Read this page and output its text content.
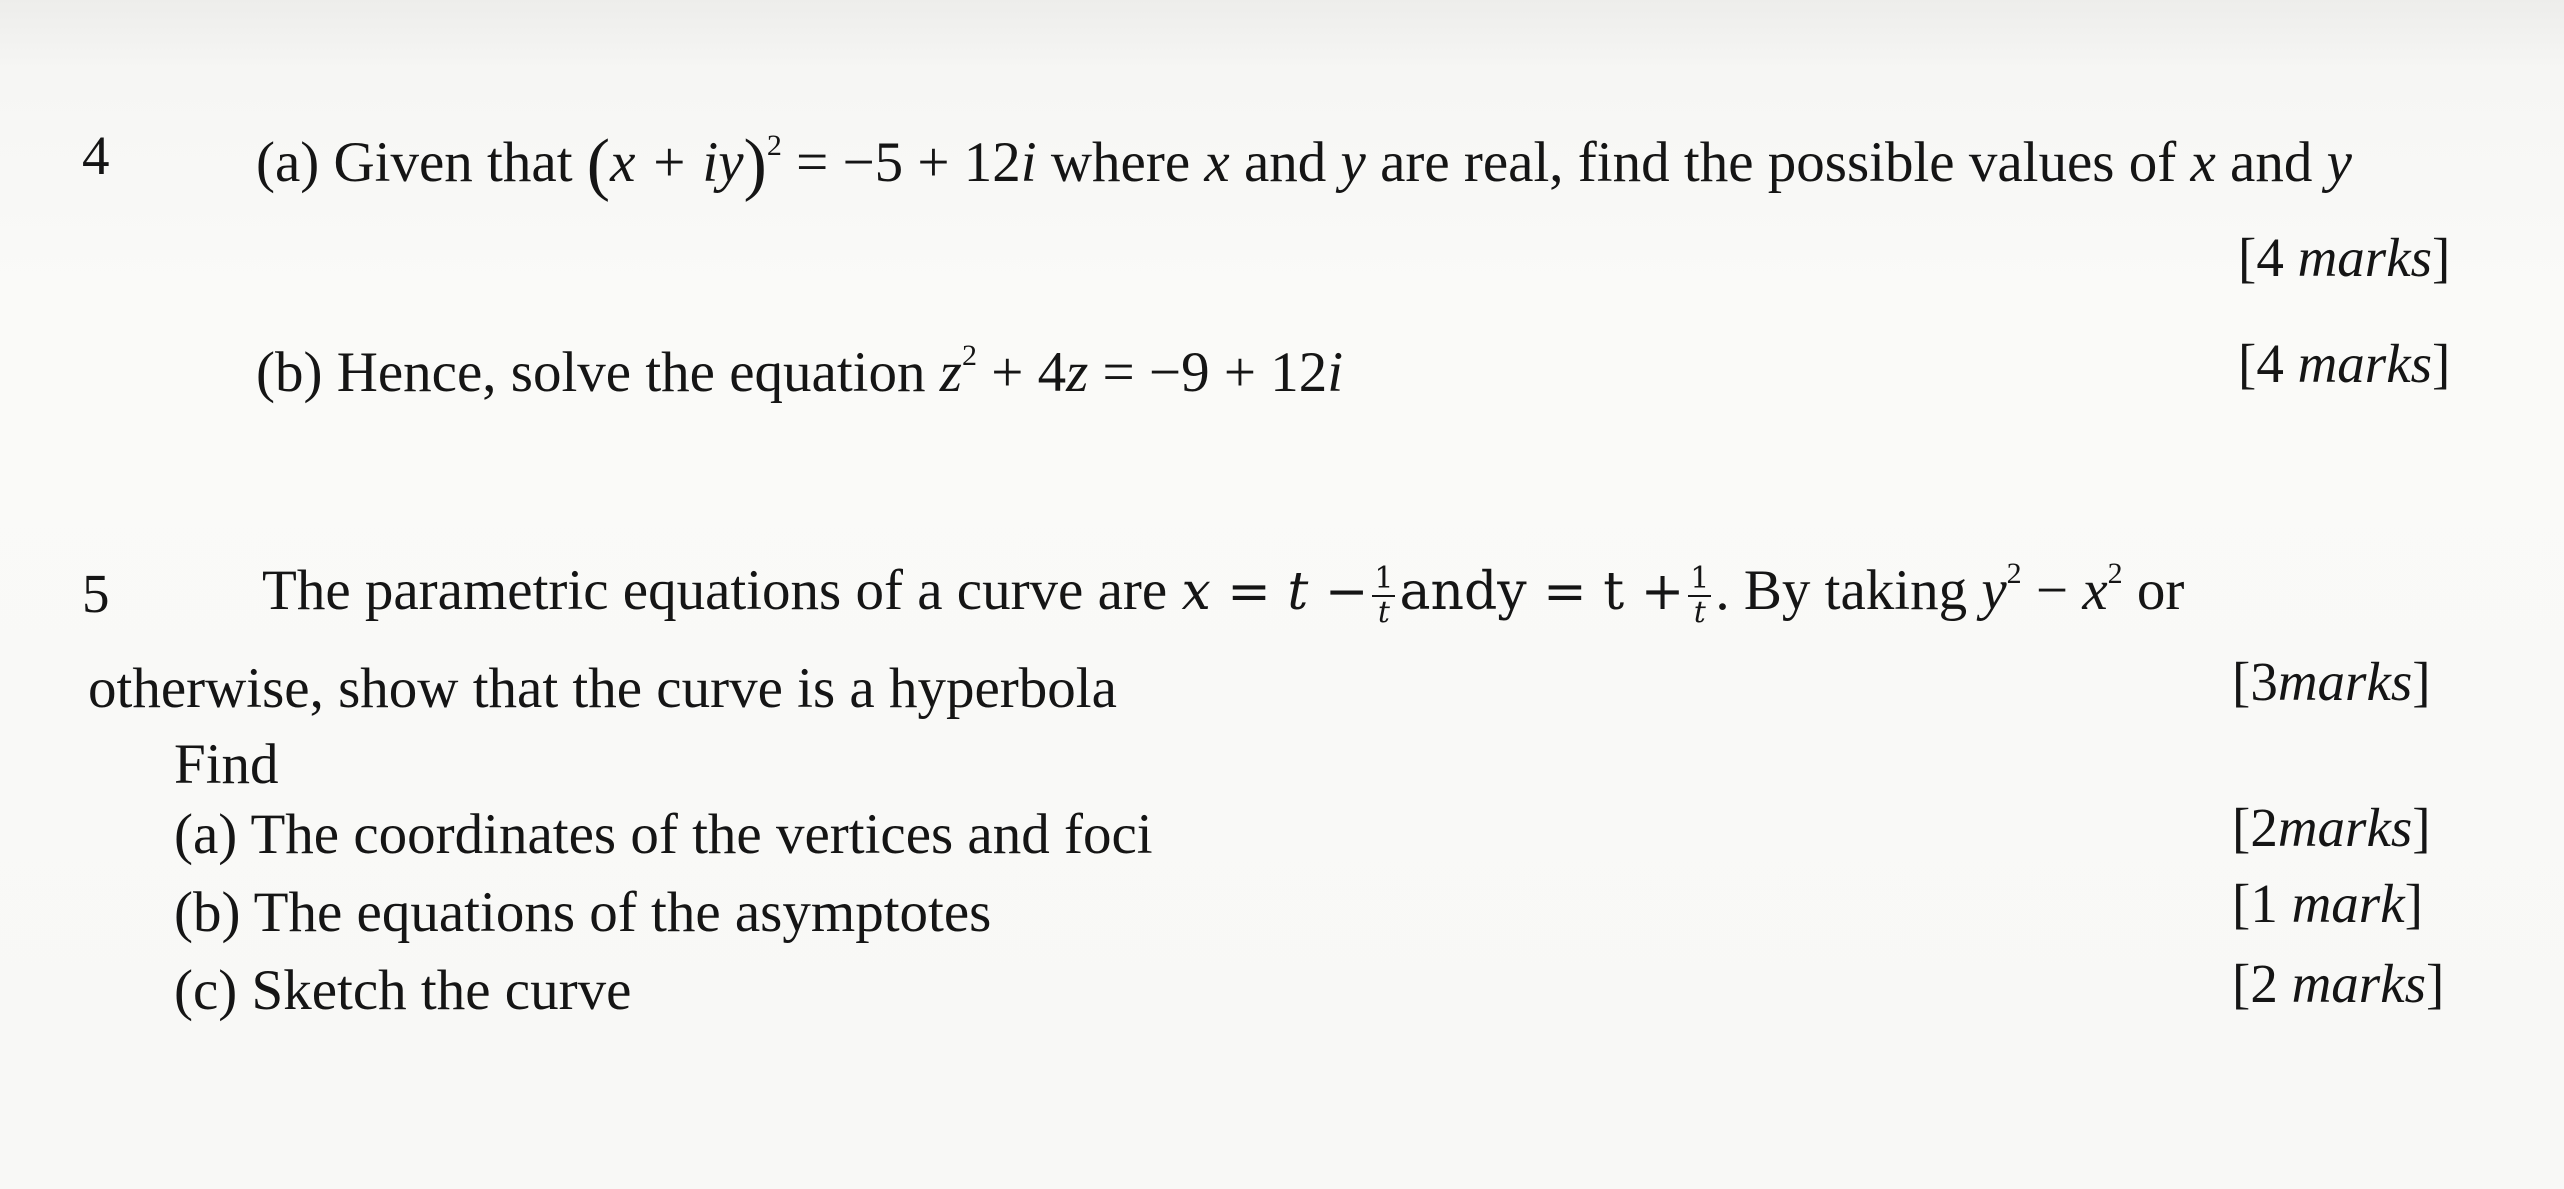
4	(a) Given that (x + iy)$^2$ = −5 + 12i where x and y are real, find the possible values of x and y
[4 marks]
(b) Hence, solve the equation $z^2 + 4z = -9 + 12i$	[4 marks]
5	The parametric equations of a curve are $x = t - \frac{1}{t}$ andy = $t + \frac{1}{t}$ . By taking $y^2 - x^2$ or
otherwise, show that the curve is a hyperbola	[3marks]
Find
(a) The coordinates of the vertices and foci	[2marks]
(b) The equations of the asymptotes	[1 mark]
(c) Sketch the curve	[2 marks]
